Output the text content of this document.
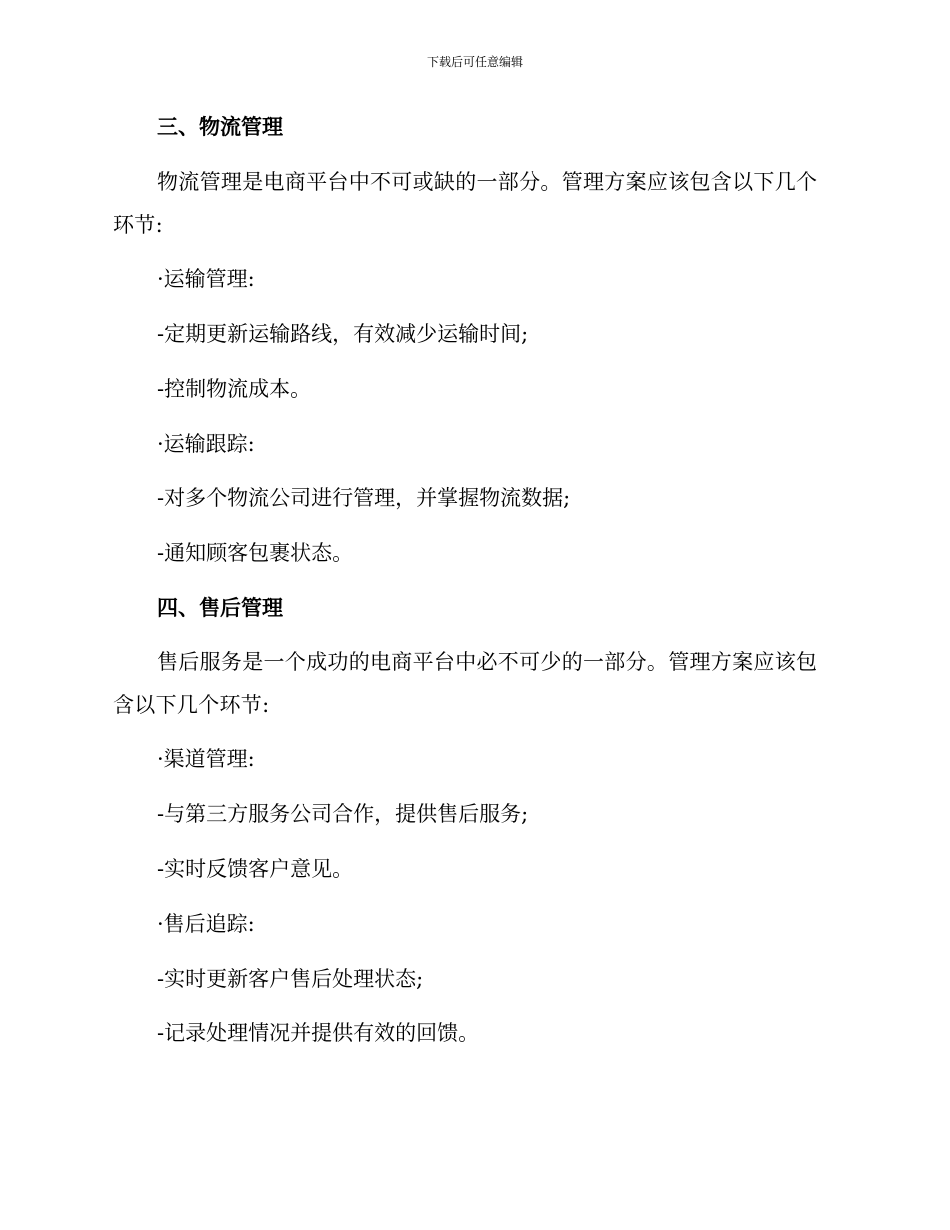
下载后可任意编辑
三、物流管理
物流管理是电商平台中不可或缺的一部分。管理方案应该包含以下几个环节:
·运输管理:
-定期更新运输路线，有效减少运输时间;
-控制物流成本。
·运输跟踪:
-对多个物流公司进行管理，并掌握物流数据;
-通知顾客包裹状态。
四、售后管理
售后服务是一个成功的电商平台中必不可少的一部分。管理方案应该包含以下几个环节:
·渠道管理:
-与第三方服务公司合作，提供售后服务;
-实时反馈客户意见。
·售后追踪:
-实时更新客户售后处理状态;
-记录处理情况并提供有效的回馈。
